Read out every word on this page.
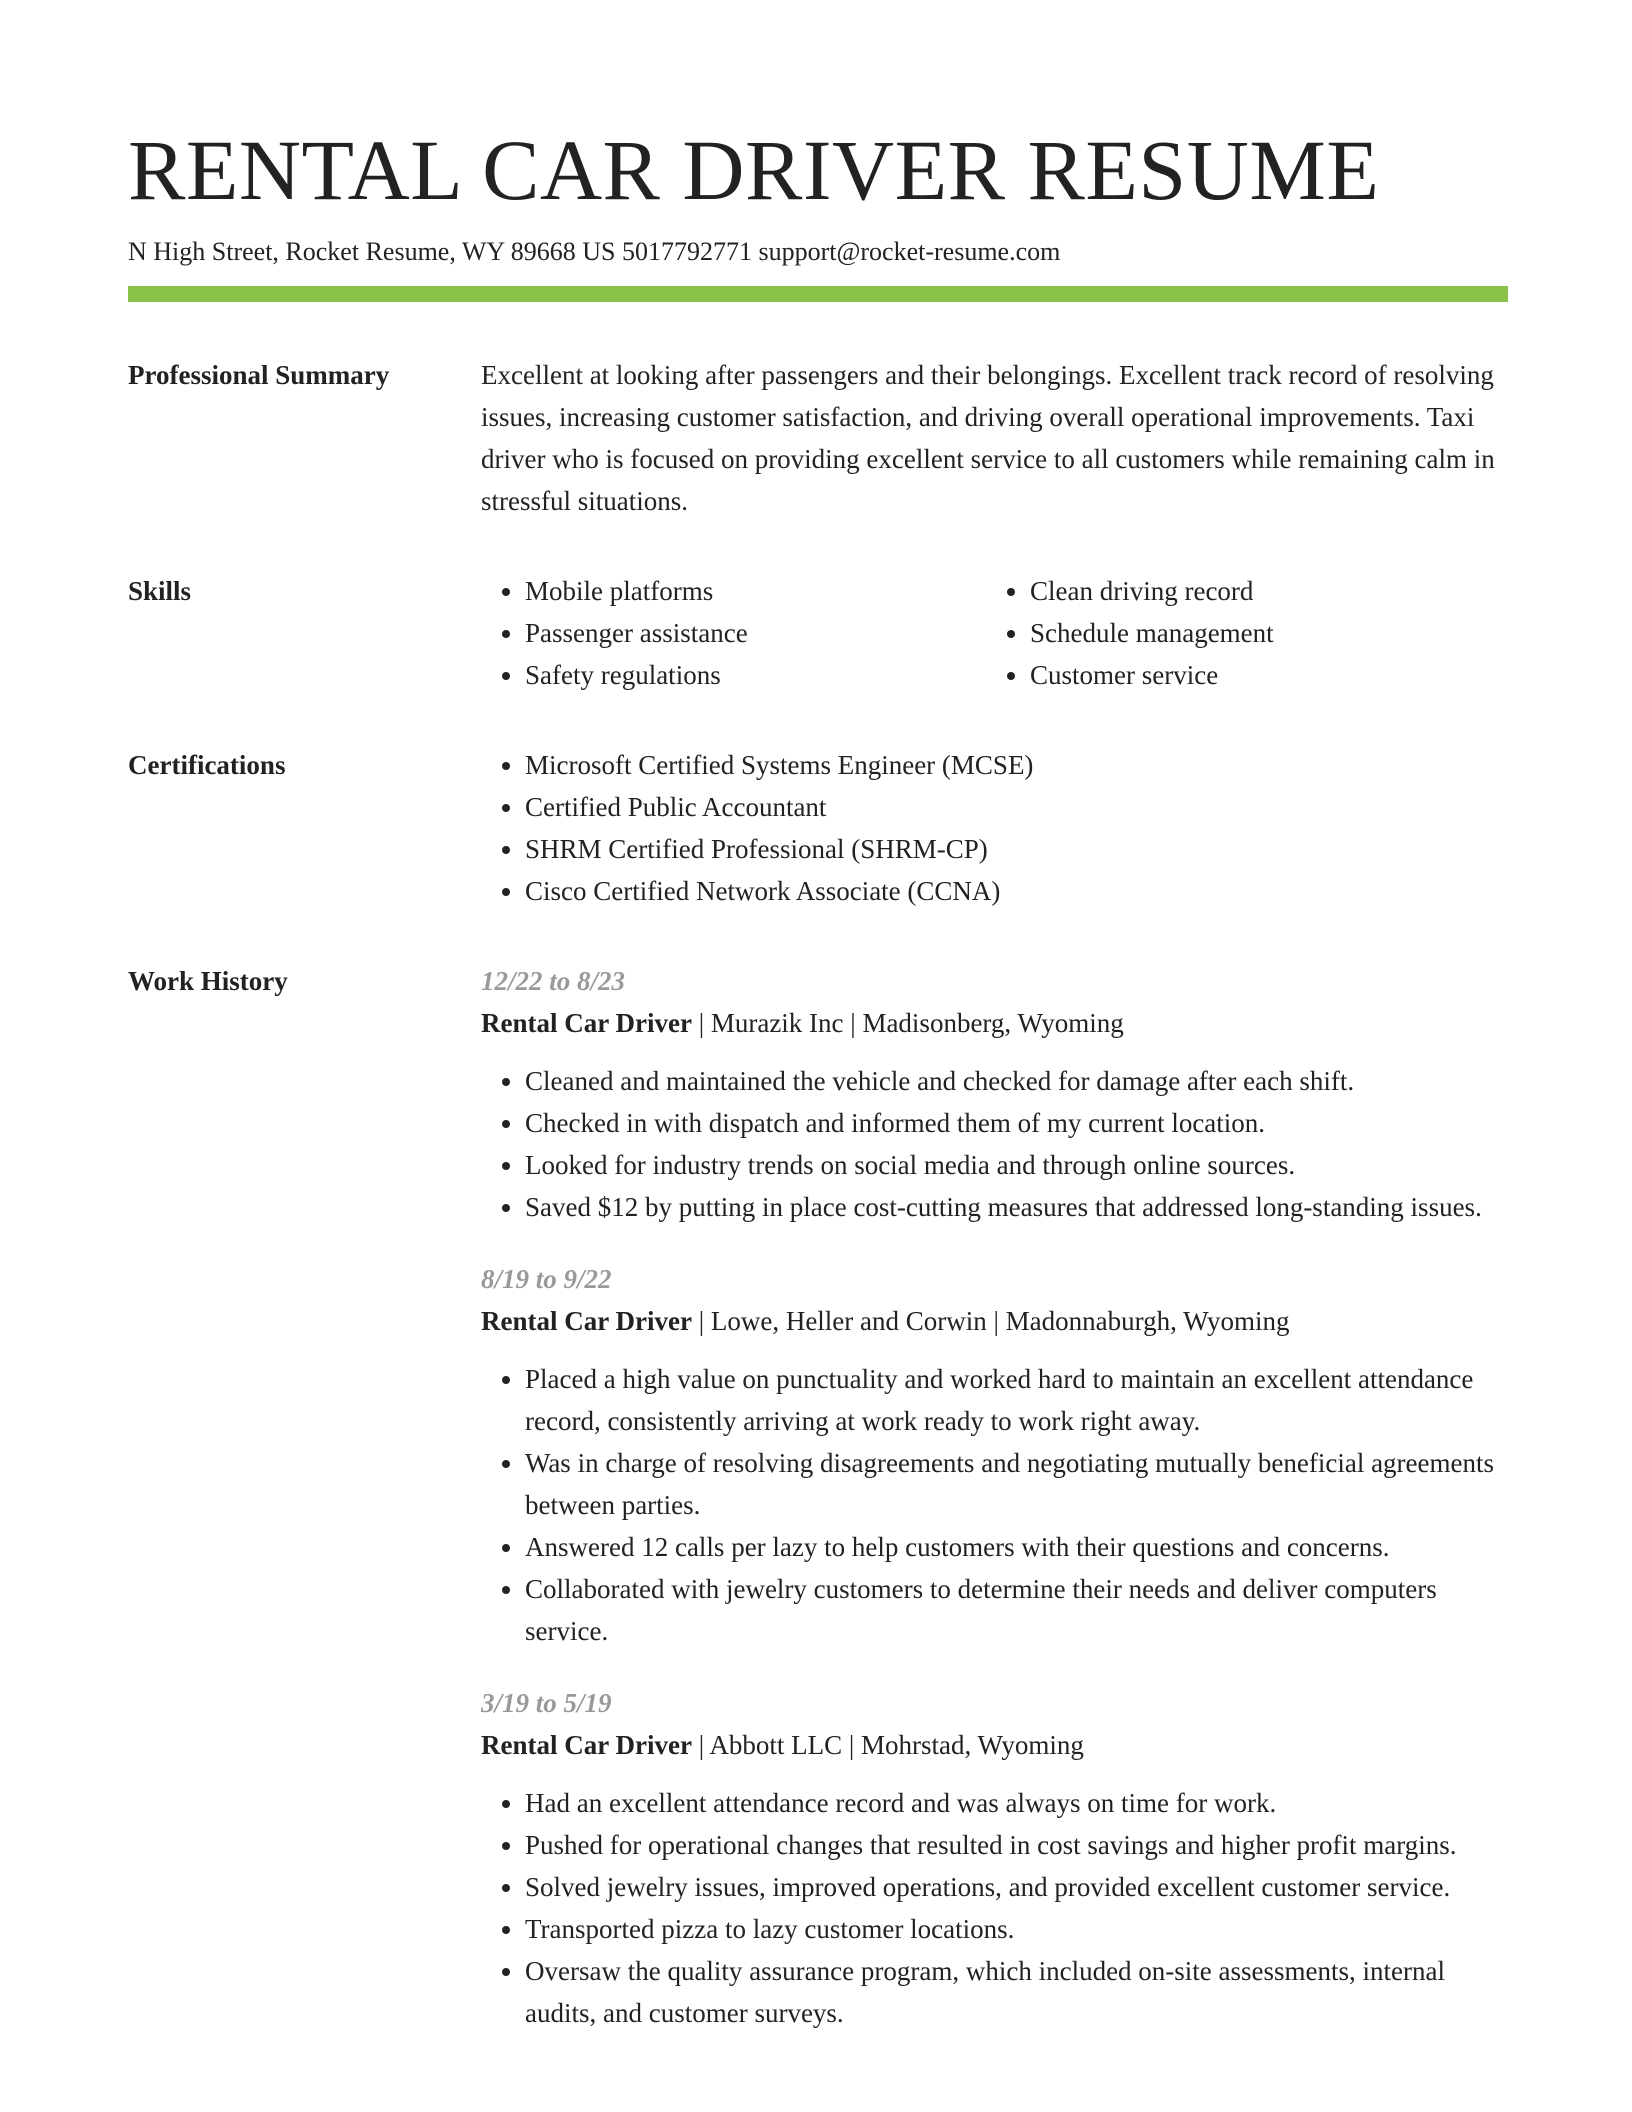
RENTAL CAR DRIVER RESUME
N High Street, Rocket Resume, WY 89668 US 5017792771 support@rocket-resume.com
Professional Summary	Excellent at looking after passengers and their belongings. Excellent track record of resolving issues, increasing customer satisfaction, and driving overall operational improvements. Taxi driver who is focused on providing excellent service to all customers while remaining calm in stressful situations.

Skills	• Mobile platforms
• Passenger assistance
• Safety regulations
• Clean driving record
• Schedule management
• Customer service
Certifications	• Microsoft Certified Systems Engineer (MCSE)
• Certified Public Accountant
• SHRM Certified Professional (SHRM-CP)
• Cisco Certified Network Associate (CCNA)
Work History	12/22 to 8/23
Rental Car Driver | Murazik Inc | Madisonberg, Wyoming
• Cleaned and maintained the vehicle and checked for damage after each shift.
• Checked in with dispatch and informed them of my current location.
• Looked for industry trends on social media and through online sources.
• Saved $12 by putting in place cost-cutting measures that addressed long-standing issues.
8/19 to 9/22
Rental Car Driver | Lowe, Heller and Corwin | Madonnaburgh, Wyoming
• Placed a high value on punctuality and worked hard to maintain an excellent attendance record, consistently arriving at work ready to work right away.
• Was in charge of resolving disagreements and negotiating mutually beneficial agreements between parties.
• Answered 12 calls per lazy to help customers with their questions and concerns.
• Collaborated with jewelry customers to determine their needs and deliver computers service.
3/19 to 5/19
Rental Car Driver | Abbott LLC | Mohrstad, Wyoming
• Had an excellent attendance record and was always on time for work.
• Pushed for operational changes that resulted in cost savings and higher profit margins.
• Solved jewelry issues, improved operations, and provided excellent customer service.
• Transported pizza to lazy customer locations.
• Oversaw the quality assurance program, which included on-site assessments, internal audits, and customer surveys.
